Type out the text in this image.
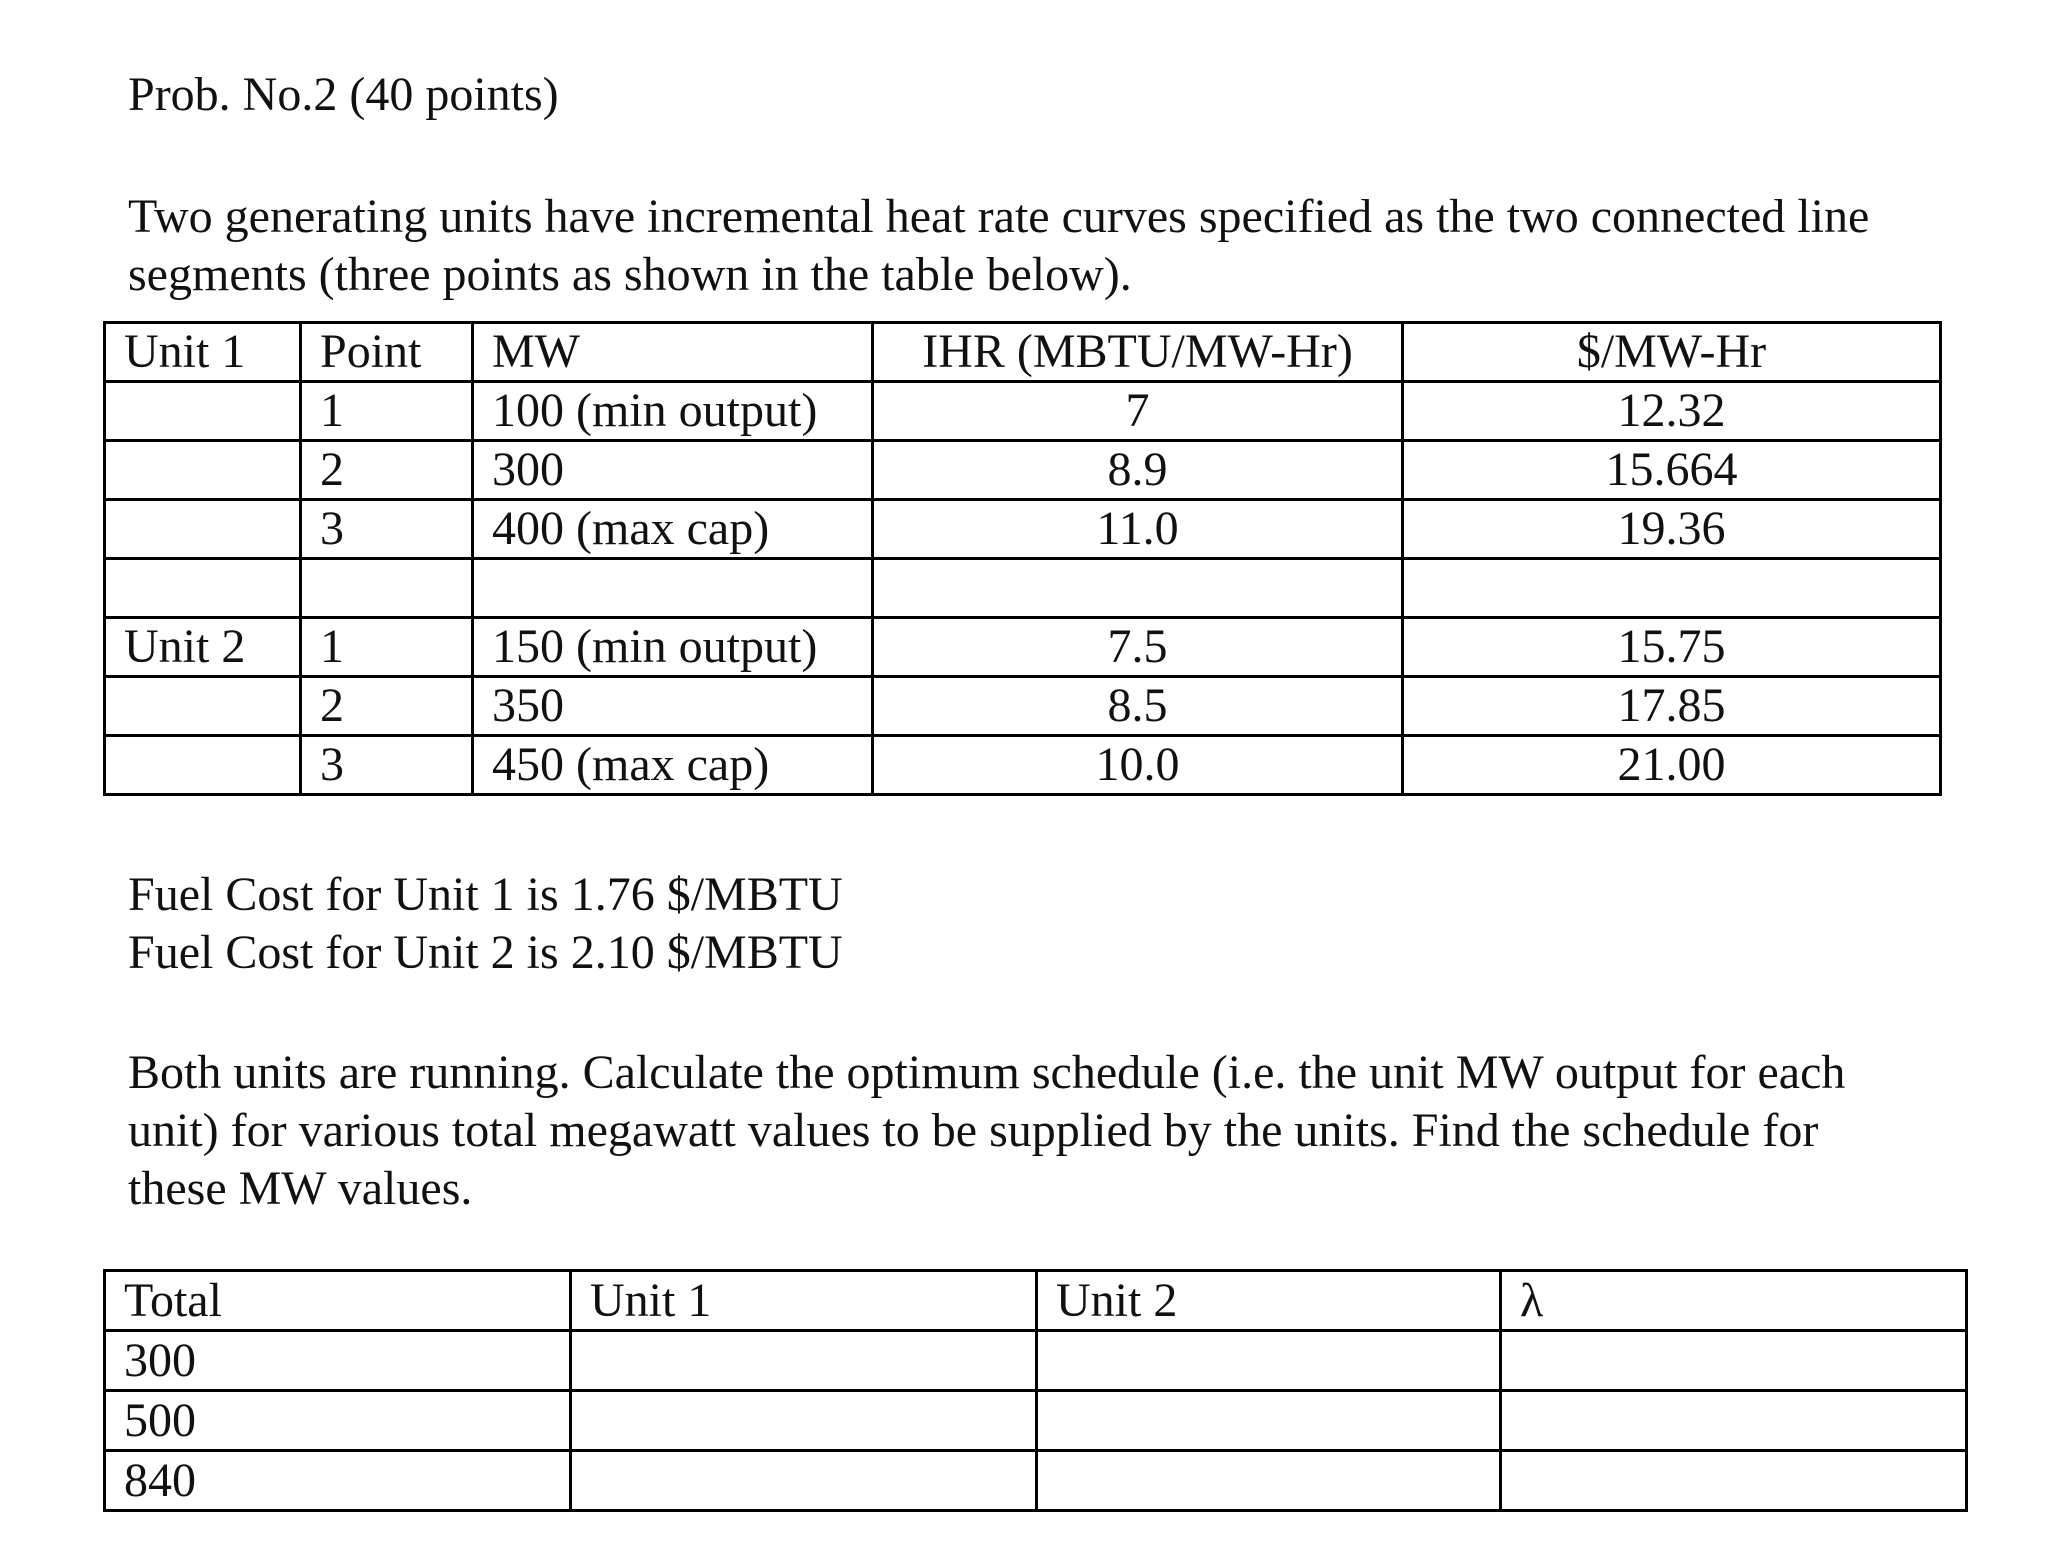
Prob. No.2 (40 points)

Two generating units have incremental heat rate curves specified as the two connected line segments (three points as shown in the table below).

Unit 1	Point	MW	IHR (MBTU/MW-Hr)	$/MW-Hr
	1	100 (min output)	7	12.32
	2	300	8.9	15.664
	3	400 (max cap)	11.0	19.36

Unit 2	1	150 (min output)	7.5	15.75
	2	350	8.5	17.85
	3	450 (max cap)	10.0	21.00
Fuel Cost for Unit 1 is 1.76 $/MBTU
Fuel Cost for Unit 2 is 2.10 $/MBTU

Both units are running. Calculate the optimum schedule (i.e. the unit MW output for each unit) for various total megawatt values to be supplied by the units. Find the schedule for these MW values.

Total	Unit 1	Unit 2	λ
300			
500			
840			
